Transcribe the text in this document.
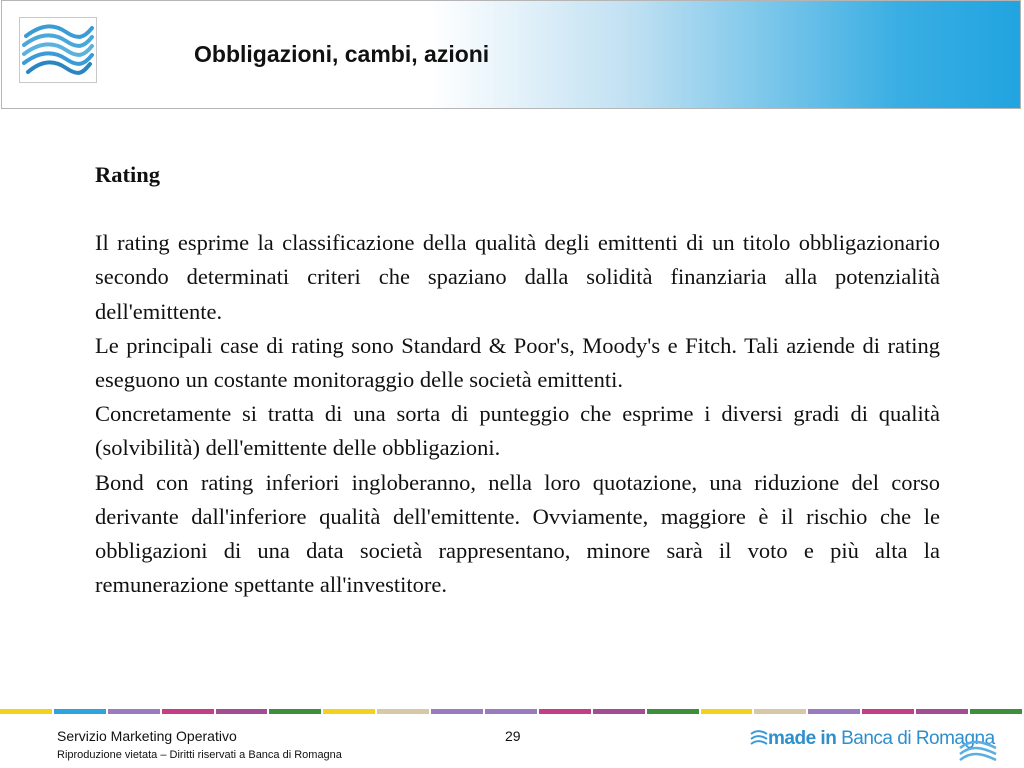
Obbligazioni, cambi, azioni

Rating

Il rating esprime la classificazione della qualità degli emittenti di un titolo obbligazionario secondo determinati criteri che spaziano dalla solidità finanziaria alla potenzialità dell'emittente.

Le principali case di rating sono Standard & Poor's, Moody's e Fitch. Tali aziende di rating eseguono un costante monitoraggio delle società emittenti.

Concretamente si tratta di una sorta di punteggio che esprime i diversi gradi di qualità (solvibilità) dell'emittente delle obbligazioni.

Bond con rating inferiori ingloberanno, nella loro quotazione, una riduzione del corso derivante dall'inferiore qualità dell'emittente. Ovviamente, maggiore è il rischio che le obbligazioni di una data società rappresentano, minore sarà il voto e più alta la remunerazione spettante all'investitore.

Servizio Marketing Operativo
Riproduzione vietata – Diritti riservati a Banca di Romagna
29	made in Banca di Romagna
